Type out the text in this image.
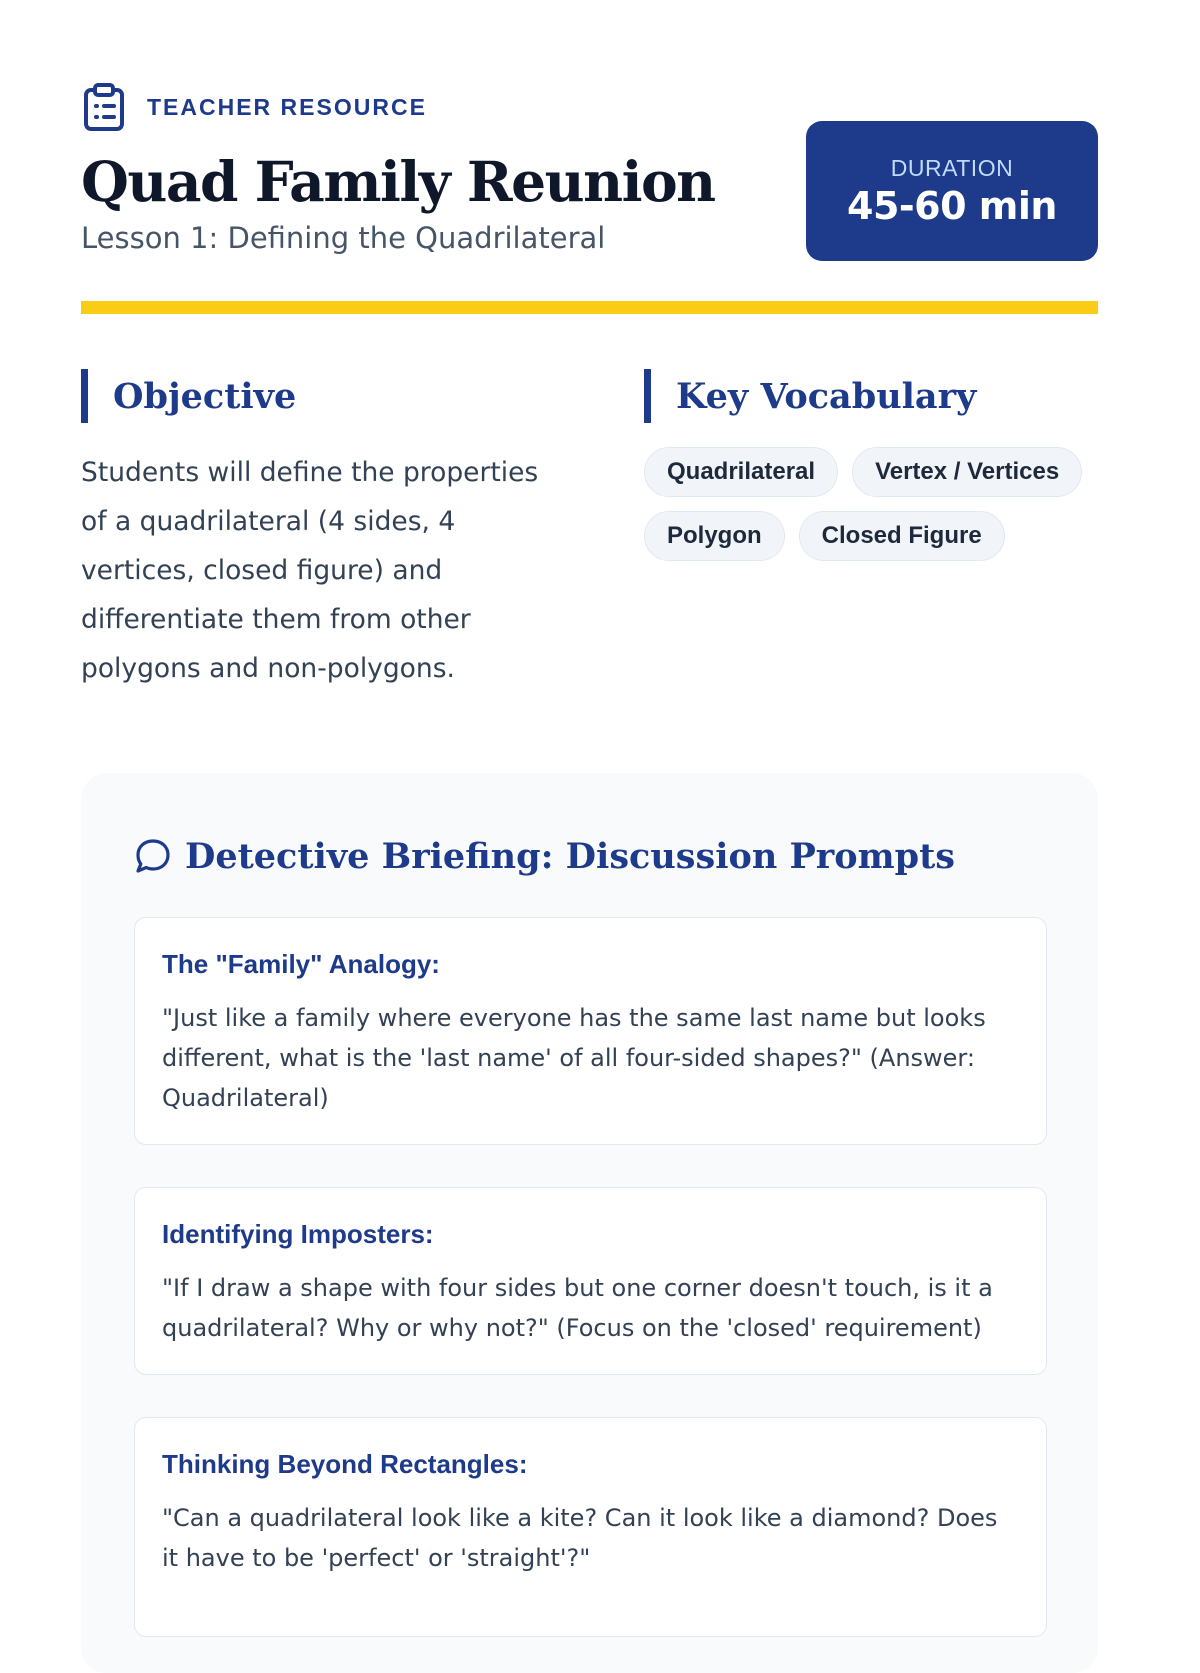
TEACHER RESOURCE
Quad Family Reunion
Lesson 1: Defining the Quadrilateral
DURATION
45-60 min
Objective
Students will define the properties of a quadrilateral (4 sides, 4 vertices, closed figure) and differentiate them from other polygons and non-polygons.
Key Vocabulary
Quadrilateral	Vertex / Vertices
Polygon	Closed Figure
Detective Briefing: Discussion Prompts
The "Family" Analogy:
"Just like a family where everyone has the same last name but looks different, what is the 'last name' of all four-sided shapes?" (Answer: Quadrilateral)
Identifying Imposters:
"If I draw a shape with four sides but one corner doesn't touch, is it a quadrilateral? Why or why not?" (Focus on the 'closed' requirement)
Thinking Beyond Rectangles:
"Can a quadrilateral look like a kite? Can it look like a diamond? Does it have to be 'perfect' or 'straight'?"
